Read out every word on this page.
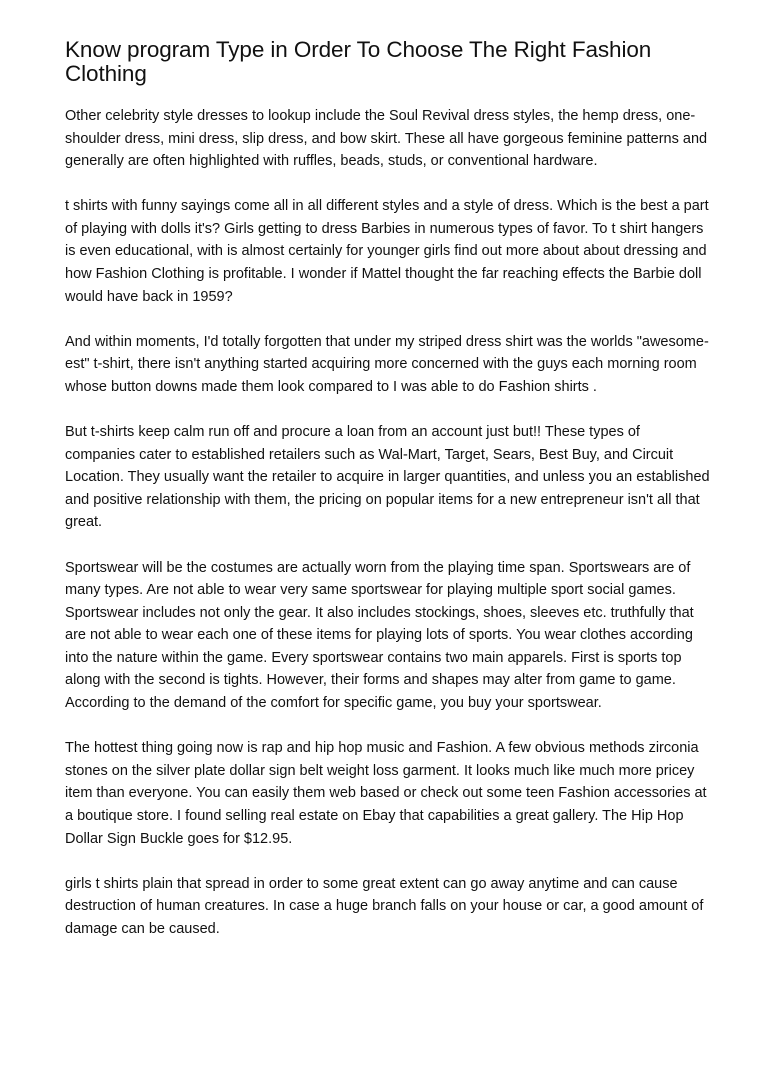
Know program Type in Order To Choose The Right Fashion Clothing

Other celebrity style dresses to lookup include the Soul Revival dress styles, the hemp dress, one-shoulder dress, mini dress, slip dress, and bow skirt. These all have gorgeous feminine patterns and generally are often highlighted with ruffles, beads, studs, or conventional hardware.

t shirts with funny sayings come all in all different styles and a style of dress. Which is the best a part of playing with dolls it's? Girls getting to dress Barbies in numerous types of favor. To t shirt hangers is even educational, with is almost certainly for younger girls find out more about about dressing and how Fashion Clothing is profitable. I wonder if Mattel thought the far reaching effects the Barbie doll would have back in 1959?

And within moments, I'd totally forgotten that under my striped dress shirt was the worlds "awesome-est" t-shirt, there isn't anything started acquiring more concerned with the guys each morning room whose button downs made them look compared to I was able to do Fashion shirts .

But t-shirts keep calm run off and procure a loan from an account just but!! These types of companies cater to established retailers such as Wal-Mart, Target, Sears, Best Buy, and Circuit Location. They usually want the retailer to acquire in larger quantities, and unless you an established and positive relationship with them, the pricing on popular items for a new entrepreneur isn't all that great.

Sportswear will be the costumes are actually worn from the playing time span. Sportswears are of many types. Are not able to wear very same sportswear for playing multiple sport social games. Sportswear includes not only the gear. It also includes stockings, shoes, sleeves etc. truthfully that are not able to wear each one of these items for playing lots of sports. You wear clothes according into the nature within the game. Every sportswear contains two main apparels. First is sports top along with the second is tights. However, their forms and shapes may alter from game to game. According to the demand of the comfort for specific game, you buy your sportswear.

The hottest thing going now is rap and hip hop music and Fashion. A few obvious methods zirconia stones on the silver plate dollar sign belt weight loss garment. It looks much like much more pricey item than everyone. You can easily them web based or check out some teen Fashion accessories at a boutique store. I found selling real estate on Ebay that capabilities a great gallery. The Hip Hop Dollar Sign Buckle goes for $12.95.

girls t shirts plain that spread in order to some great extent can go away anytime and can cause destruction of human creatures. In case a huge branch falls on your house or car, a good amount of damage can be caused.
